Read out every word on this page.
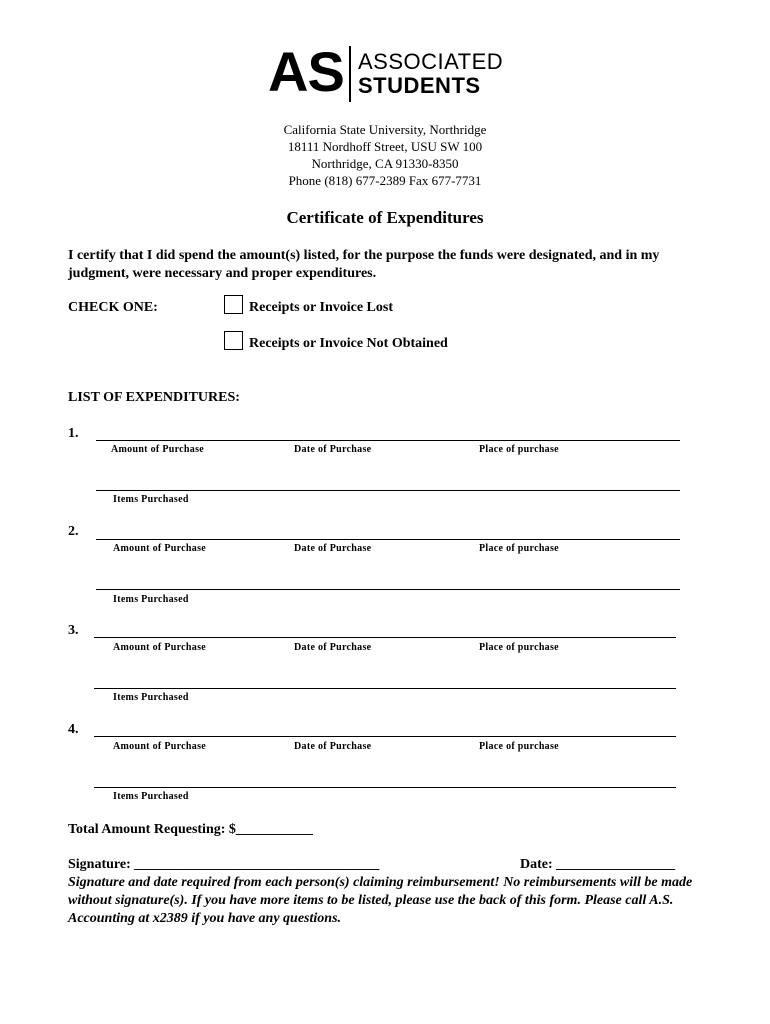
AS ASSOCIATED
STUDENTS
California State University, Northridge
18111 Nordhoff Street, USU SW 100
Northridge, CA 91330-8350
Phone (818) 677-2389 Fax 677-7731
Certificate of Expenditures
I certify that I did spend the amount(s) listed, for the purpose the funds were designated, and in my judgment, were necessary and proper expenditures.
CHECK ONE:	Receipts or Invoice Lost
Receipts or Invoice Not Obtained
LIST OF EXPENDITURES:
1.
Amount of Purchase	Date of Purchase	Place of purchase
Items Purchased
2.
Amount of Purchase	Date of Purchase	Place of purchase
Items Purchased
3.
Amount of Purchase	Date of Purchase	Place of purchase
Items Purchased
4.
Amount of Purchase	Date of Purchase	Place of purchase
Items Purchased
Total Amount Requesting: $___________
Signature: ___________________________________	Date: _________________
Signature and date required from each person(s) claiming reimbursement! No reimbursements will be made without signature(s). If you have more items to be listed, please use the back of this form. Please call A.S. Accounting at x2389 if you have any questions.
